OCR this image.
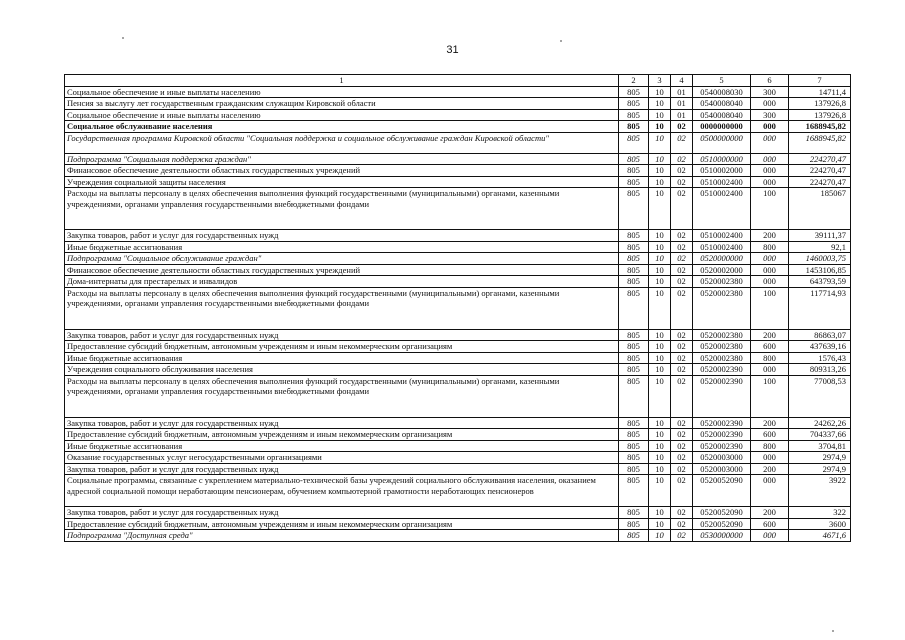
31
1	2	3	4	5	6	7
Социальное обеспечение и иные выплаты населению	805	10	01	0540008030	300	14711,4
Пенсия за выслугу лет государственным гражданским служащим Кировской области	805	10	01	0540008040	000	137926,8
Социальное обеспечение и иные выплаты населению	805	10	01	0540008040	300	137926,8
Социальное обслуживание населения	805	10	02	0000000000	000	1688945,82
Государственная программа Кировской области "Социальная поддержка и социальное обслуживание граждан Кировской области"	805	10	02	0500000000	000	1688945,82
Подпрограмма "Социальная поддержка граждан"	805	10	02	0510000000	000	224270,47
Финансовое обеспечение деятельности областных государственных учреждений	805	10	02	0510002000	000	224270,47
Учреждения социальной защиты населения	805	10	02	0510002400	000	224270,47
Расходы на выплаты персоналу в целях обеспечения выполнения функций государственными (муниципальными) органами, казенными учреждениями, органами управления государственными внебюджетными фондами	805	10	02	0510002400	100	185067
Закупка товаров, работ и услуг для государственных нужд	805	10	02	0510002400	200	39111,37
Иные бюджетные ассигнования	805	10	02	0510002400	800	92,1
Подпрограмма "Социальное обслуживание граждан"	805	10	02	0520000000	000	1460003,75
Финансовое обеспечение деятельности областных государственных учреждений	805	10	02	0520002000	000	1453106,85
Дома-интернаты для престарелых и инвалидов	805	10	02	0520002380	000	643793,59
Расходы на выплаты персоналу в целях обеспечения выполнения функций государственными (муниципальными) органами, казенными учреждениями, органами управления государственными внебюджетными фондами	805	10	02	0520002380	100	117714,93
Закупка товаров, работ и услуг для государственных нужд	805	10	02	0520002380	200	86863,07
Предоставление субсидий бюджетным, автономным учреждениям и иным некоммерческим организациям	805	10	02	0520002380	600	437639,16
Иные бюджетные ассигнования	805	10	02	0520002380	800	1576,43
Учреждения социального обслуживания населения	805	10	02	0520002390	000	809313,26
Расходы на выплаты персоналу в целях обеспечения выполнения функций государственными (муниципальными) органами, казенными учреждениями, органами управления государственными внебюджетными фондами	805	10	02	0520002390	100	77008,53
Закупка товаров, работ и услуг для государственных нужд	805	10	02	0520002390	200	24262,26
Предоставление субсидий бюджетным, автономным учреждениям и иным некоммерческим организациям	805	10	02	0520002390	600	704337,66
Иные бюджетные ассигнования	805	10	02	0520002390	800	3704,81
Оказание государственных услуг негосударственными организациями	805	10	02	0520003000	000	2974,9
Закупка товаров, работ и услуг для государственных нужд	805	10	02	0520003000	200	2974,9
Социальные программы, связанные с укреплением материально-технической базы учреждений социального обслуживания населения, оказанием адресной социальной помощи неработающим пенсионерам, обучением компьютерной грамотности неработающих пенсионеров	805	10	02	0520052090	000	3922
Закупка товаров, работ и услуг для государственных нужд	805	10	02	0520052090	200	322
Предоставление субсидий бюджетным, автономным учреждениям и иным некоммерческим организациям	805	10	02	0520052090	600	3600
Подпрограмма "Доступная среда"	805	10	02	0530000000	000	4671,6
